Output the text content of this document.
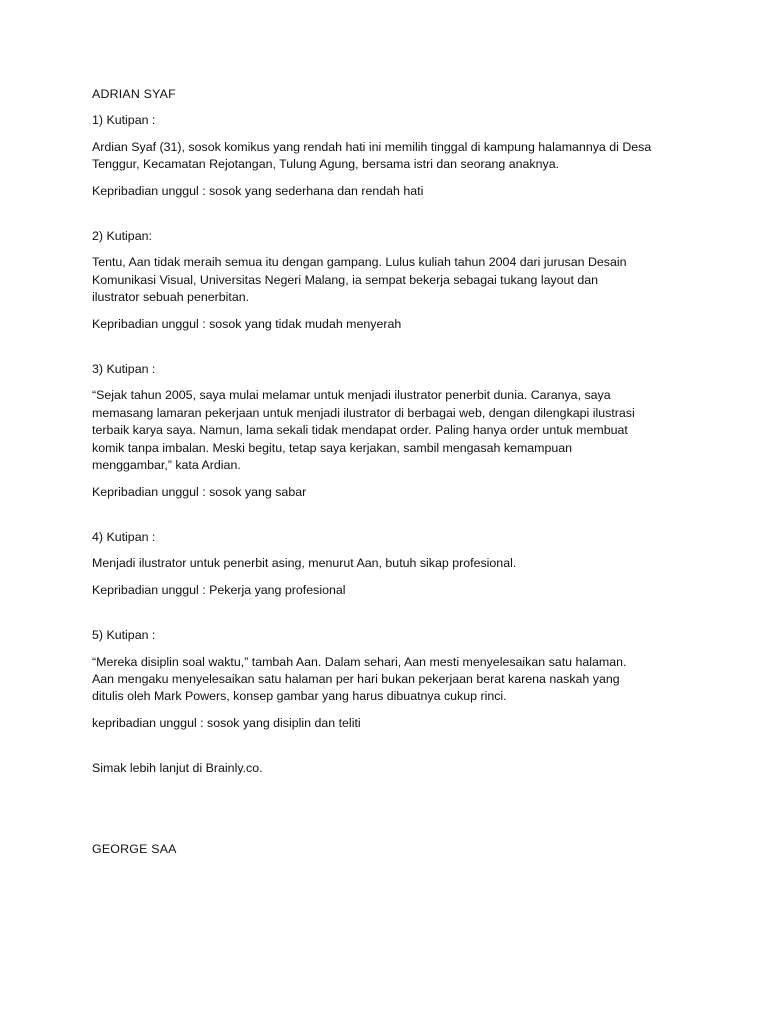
ADRIAN SYAF

1) Kutipan :

Ardian Syaf (31), sosok komikus yang rendah hati ini memilih tinggal di kampung halamannya di Desa
Tenggur, Kecamatan Rejotangan, Tulung Agung, bersama istri dan seorang anaknya.

Kepribadian unggul : sosok yang sederhana dan rendah hati

2) Kutipan:

Tentu, Aan tidak meraih semua itu dengan gampang. Lulus kuliah tahun 2004 dari jurusan Desain
Komunikasi Visual, Universitas Negeri Malang, ia sempat bekerja sebagai tukang layout dan
ilustrator sebuah penerbitan.

Kepribadian unggul : sosok yang tidak mudah menyerah

3) Kutipan :

“Sejak tahun 2005, saya mulai melamar untuk menjadi ilustrator penerbit dunia. Caranya, saya
memasang lamaran pekerjaan untuk menjadi ilustrator di berbagai web, dengan dilengkapi ilustrasi
terbaik karya saya. Namun, lama sekali tidak mendapat order. Paling hanya order untuk membuat
komik tanpa imbalan. Meski begitu, tetap saya kerjakan, sambil mengasah kemampuan
menggambar,” kata Ardian.

Kepribadian unggul : sosok yang sabar

4) Kutipan :

Menjadi ilustrator untuk penerbit asing, menurut Aan, butuh sikap profesional.

Kepribadian unggul : Pekerja yang profesional

5) Kutipan :

“Mereka disiplin soal waktu,” tambah Aan. Dalam sehari, Aan mesti menyelesaikan satu halaman.
Aan mengaku menyelesaikan satu halaman per hari bukan pekerjaan berat karena naskah yang
ditulis oleh Mark Powers, konsep gambar yang harus dibuatnya cukup rinci.

kepribadian unggul : sosok yang disiplin dan teliti

Simak lebih lanjut di Brainly.co.

GEORGE SAA
